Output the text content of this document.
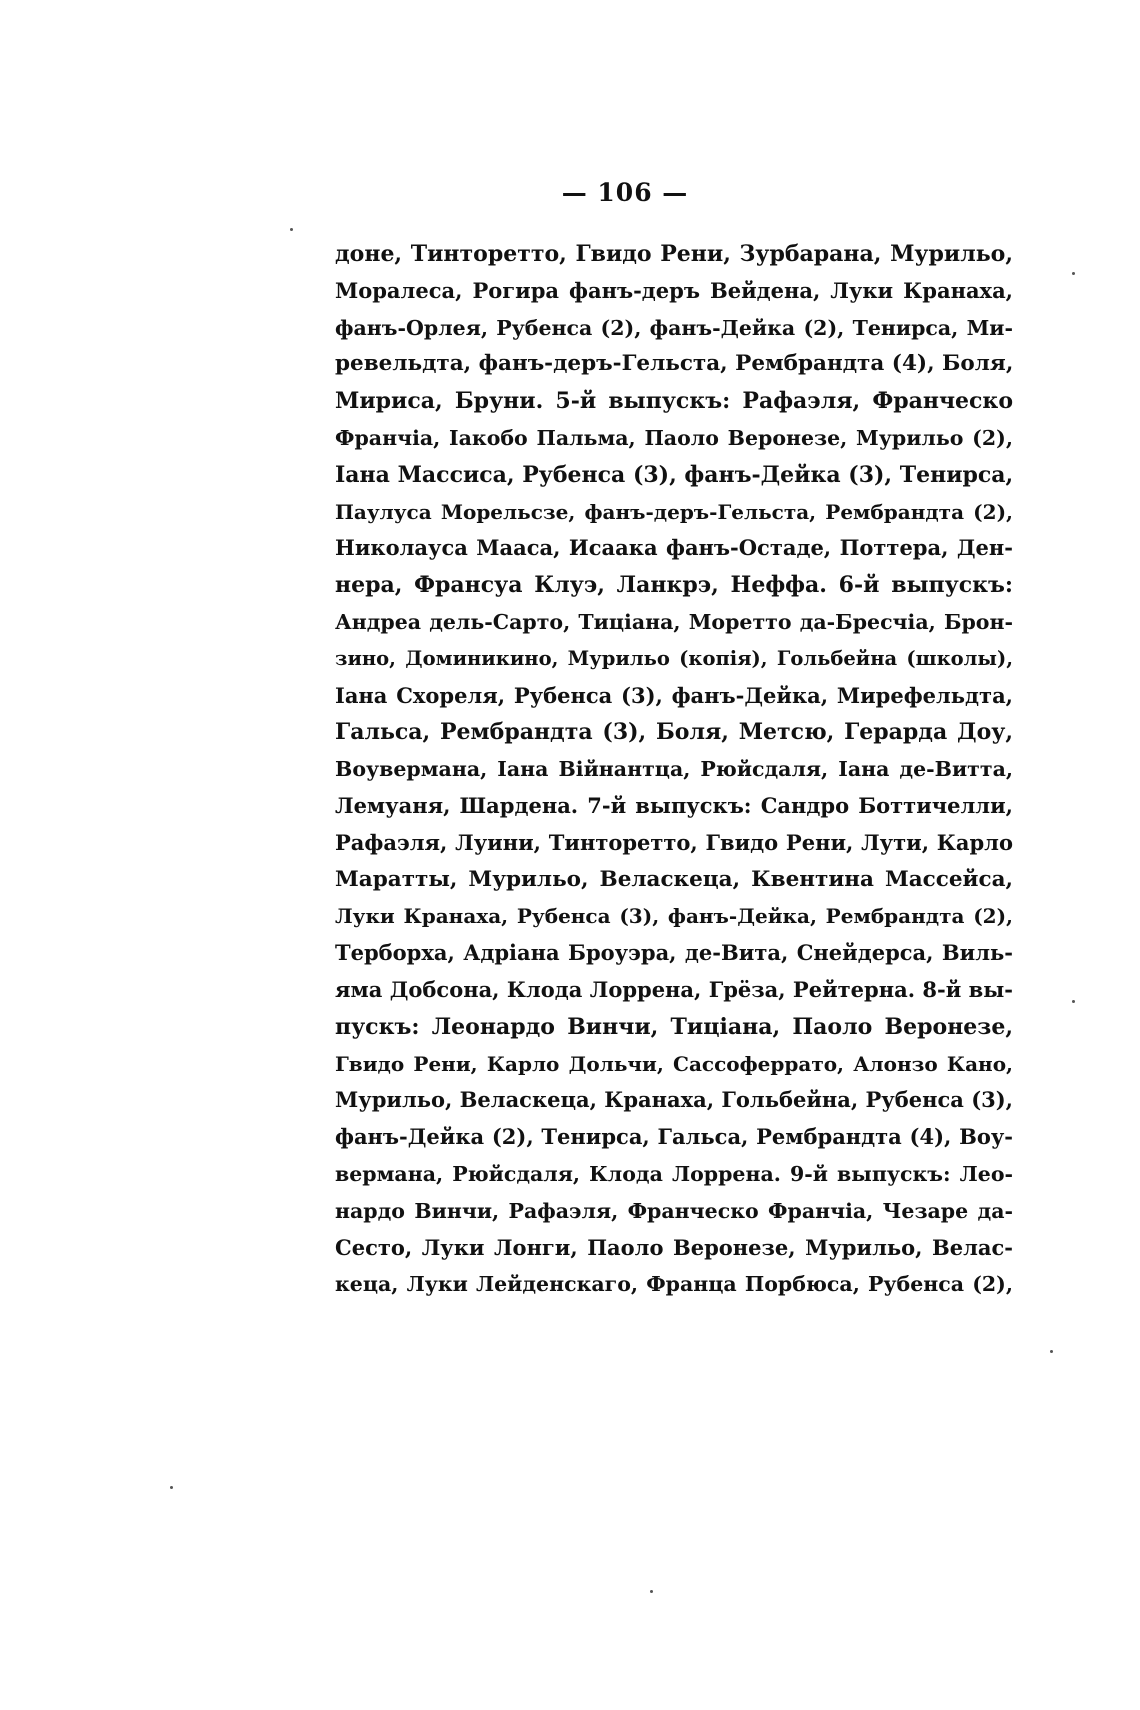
— 106 —
доне, Тинторетто, Гвидо Рени, Зурбарана, Мурильо,
Моралеса, Рогира фанъ-деръ Вейдена, Луки Кранаха,
фанъ-Орлея, Рубенса (2), фанъ-Дейка (2), Тенирса, Ми-
ревельдта, фанъ-деръ-Гельста, Рембрандта (4), Боля,
Мириса, Бруни. 5-й выпускъ: Рафаэля, Франческо
Франчіа, Іакобо Пальма, Паоло Веронезе, Мурильо (2),
Іана Массиса, Рубенса (3), фанъ-Дейка (3), Тенирса,
Паулуса Морельсзе, фанъ-деръ-Гельста, Рембрандта (2),
Николауса Мааса, Исаака фанъ-Остаде, Поттера, Ден-
нера, Франсуа Клуэ, Ланкрэ, Неффа. 6-й выпускъ:
Андреа дель-Сарто, Тиціана, Моретто да-Бресчіа, Брон-
зино, Доминикино, Мурильо (копія), Гольбейна (школы),
Іана Схореля, Рубенса (3), фанъ-Дейка, Мирефельдта,
Гальса, Рембрандта (3), Боля, Метсю, Герарда Доу,
Воувермана, Іана Війнантца, Рюйсдаля, Іана де-Витта,
Лемуаня, Шардена. 7-й выпускъ: Сандро Боттичелли,
Рафаэля, Луини, Тинторетто, Гвидо Рени, Лути, Карло
Маратты, Мурильо, Веласкеца, Квентина Массейса,
Луки Кранаха, Рубенса (3), фанъ-Дейка, Рембрандта (2),
Терборха, Адріана Броуэра, де-Вита, Снейдерса, Виль-
яма Добсона, Клода Лоррена, Грёза, Рейтерна. 8-й вы-
пускъ: Леонардо Винчи, Тиціана, Паоло Веронезе,
Гвидо Рени, Карло Дольчи, Сассоферрато, Алонзо Кано,
Мурильо, Веласкеца, Кранаха, Гольбейна, Рубенса (3),
фанъ-Дейка (2), Тенирса, Гальса, Рембрандта (4), Воу-
вермана, Рюйсдаля, Клода Лоррена. 9-й выпускъ: Лео-
нардо Винчи, Рафаэля, Франческо Франчіа, Чезаре да-
Сесто, Луки Лонги, Паоло Веронезе, Мурильо, Велас-
кеца, Луки Лейденскаго, Франца Порбюса, Рубенса (2),
